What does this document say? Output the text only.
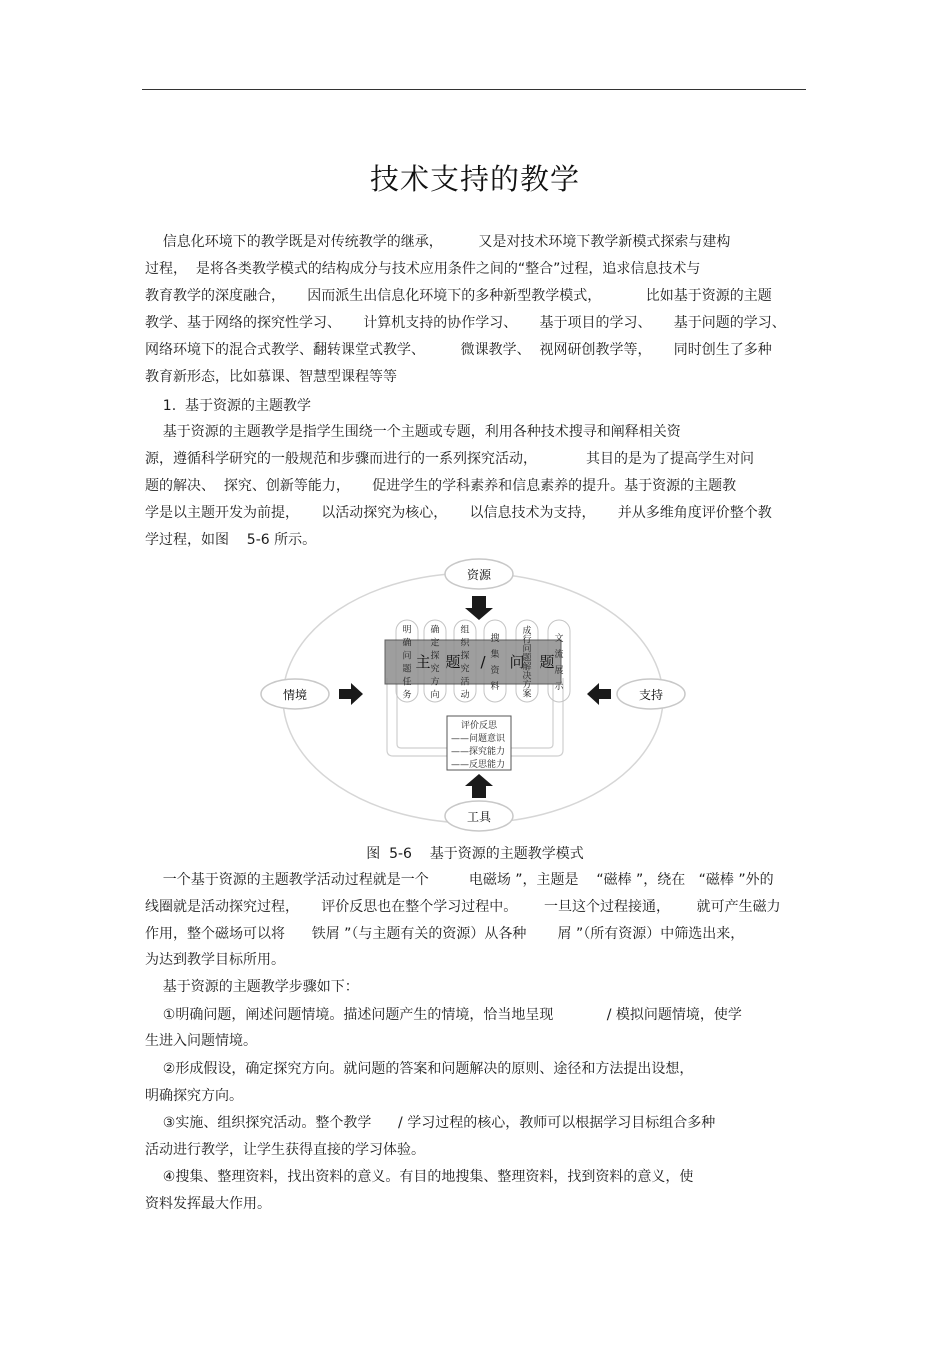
技术支持的教学
信息化环境下的教学既是对传统教学的继承，        又是对技术环境下教学新模式探索与建构
过程，  是将各类教学模式的结构成分与技术应用条件之间的“整合”过程，追求信息技术与
教育教学的深度融合，     因而派生出信息化环境下的多种新型教学模式，          比如基于资源的主题
教学、基于网络的探究性学习、     计算机支持的协作学习、     基于项目的学习、     基于问题的学习、
网络环境下的混合式教学、翻转课堂式教学、        微课教学、  视网研创教学等，     同时创生了多种
教育新形态，比如慕课、智慧型课程等等
1.  基于资源的主题教学
基于资源的主题教学是指学生围绕一个主题或专题，利用各种技术搜寻和阐释相关资
源，遵循科学研究的一般规范和步骤而进行的一系列探究活动，           其目的是为了提高学生对问
题的解决、  探究、创新等能力，     促进学生的学科素养和信息素养的提升。基于资源的主题教
学是以主题开发为前提，     以活动探究为核心，     以信息技术为支持，     并从多维角度评价整个教
学过程，如图    5-6 所示。
主 题 / 问 题
明
确
问
题
任
务
确
定
探
究
方
向
组
织
探
究
活
动
搜
集
资
料
成
行
问
题
解
决
方
案
文
流
展
示
资源
情境	支持
工具
评价反思
——问题意识
——探究能力
——反思能力
图  5-6    基于资源的主题教学模式
一个基于资源的主题教学活动过程就是一个         电磁场 ”，主题是    “磁棒 ”，绕在   “磁棒 ”外的
线圈就是活动探究过程，     评价反思也在整个学习过程中。      一旦这个过程接通，      就可产生磁力
作用，整个磁场可以将      铁屑 ”（与主题有关的资源）从各种       屑 ”（所有资源）中筛选出来，
为达到教学目标所用。
基于资源的主题教学步骤如下：
①明确问题，阐述问题情境。描述问题产生的情境，恰当地呈现            / 模拟问题情境，使学
生进入问题情境。
②形成假设，确定探究方向。就问题的答案和问题解决的原则、途径和方法提出设想，
明确探究方向。
③实施、组织探究活动。整个教学      / 学习过程的核心，教师可以根据学习目标组合多种
活动进行教学，让学生获得直接的学习体验。
④搜集、整理资料，找出资料的意义。有目的地搜集、整理资料，找到资料的意义，使
资料发挥最大作用。
